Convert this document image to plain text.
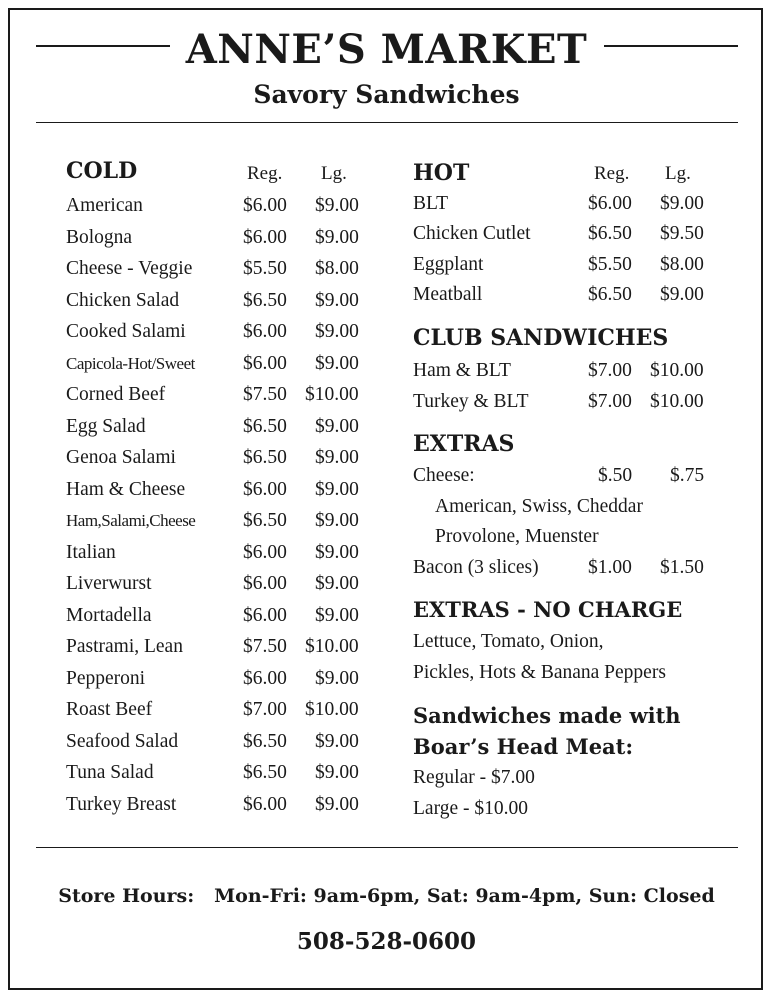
ANNE’S MARKET
Savory Sandwiches
COLD	Reg. Lg.
American	$6.00 $9.00
Bologna	$6.00 $9.00
Cheese - Veggie	$5.50 $8.00
Chicken Salad	$6.50 $9.00
Cooked Salami	$6.00 $9.00
Capicola-Hot/Sweet $6.00 $9.00
Corned Beef	$7.50 $10.00
Egg Salad	$6.50 $9.00
Genoa Salami	$6.50 $9.00
Ham & Cheese	$6.00 $9.00
Ham,Salami,Cheese $6.50 $9.00
Italian	$6.00 $9.00
Liverwurst	$6.00 $9.00
Mortadella	$6.00 $9.00
Pastrami, Lean	$7.50 $10.00
Pepperoni	$6.00 $9.00
Roast Beef	$7.00 $10.00
Seafood Salad	$6.50 $9.00
Tuna Salad	$6.50 $9.00
Turkey Breast	$6.00 $9.00
HOT	Reg. Lg.
BLT	$6.00 $9.00
Chicken Cutlet	$6.50 $9.50
Eggplant	$5.50 $8.00
Meatball	$6.50 $9.00
CLUB SANDWICHES
Ham & BLT	$7.00 $10.00
Turkey & BLT	$7.00 $10.00
EXTRAS
Cheese:	$.50 $.75
American, Swiss, Cheddar
Provolone, Muenster
Bacon (3 slices)	$1.00 $1.50
EXTRAS - NO CHARGE
Lettuce, Tomato, Onion,
Pickles, Hots & Banana Peppers
Sandwiches made with
Boar’s Head Meat:
Regular - $7.00
Large - $10.00
Store Hours: Mon-Fri: 9am-6pm, Sat: 9am-4pm, Sun: Closed
508-528-0600
